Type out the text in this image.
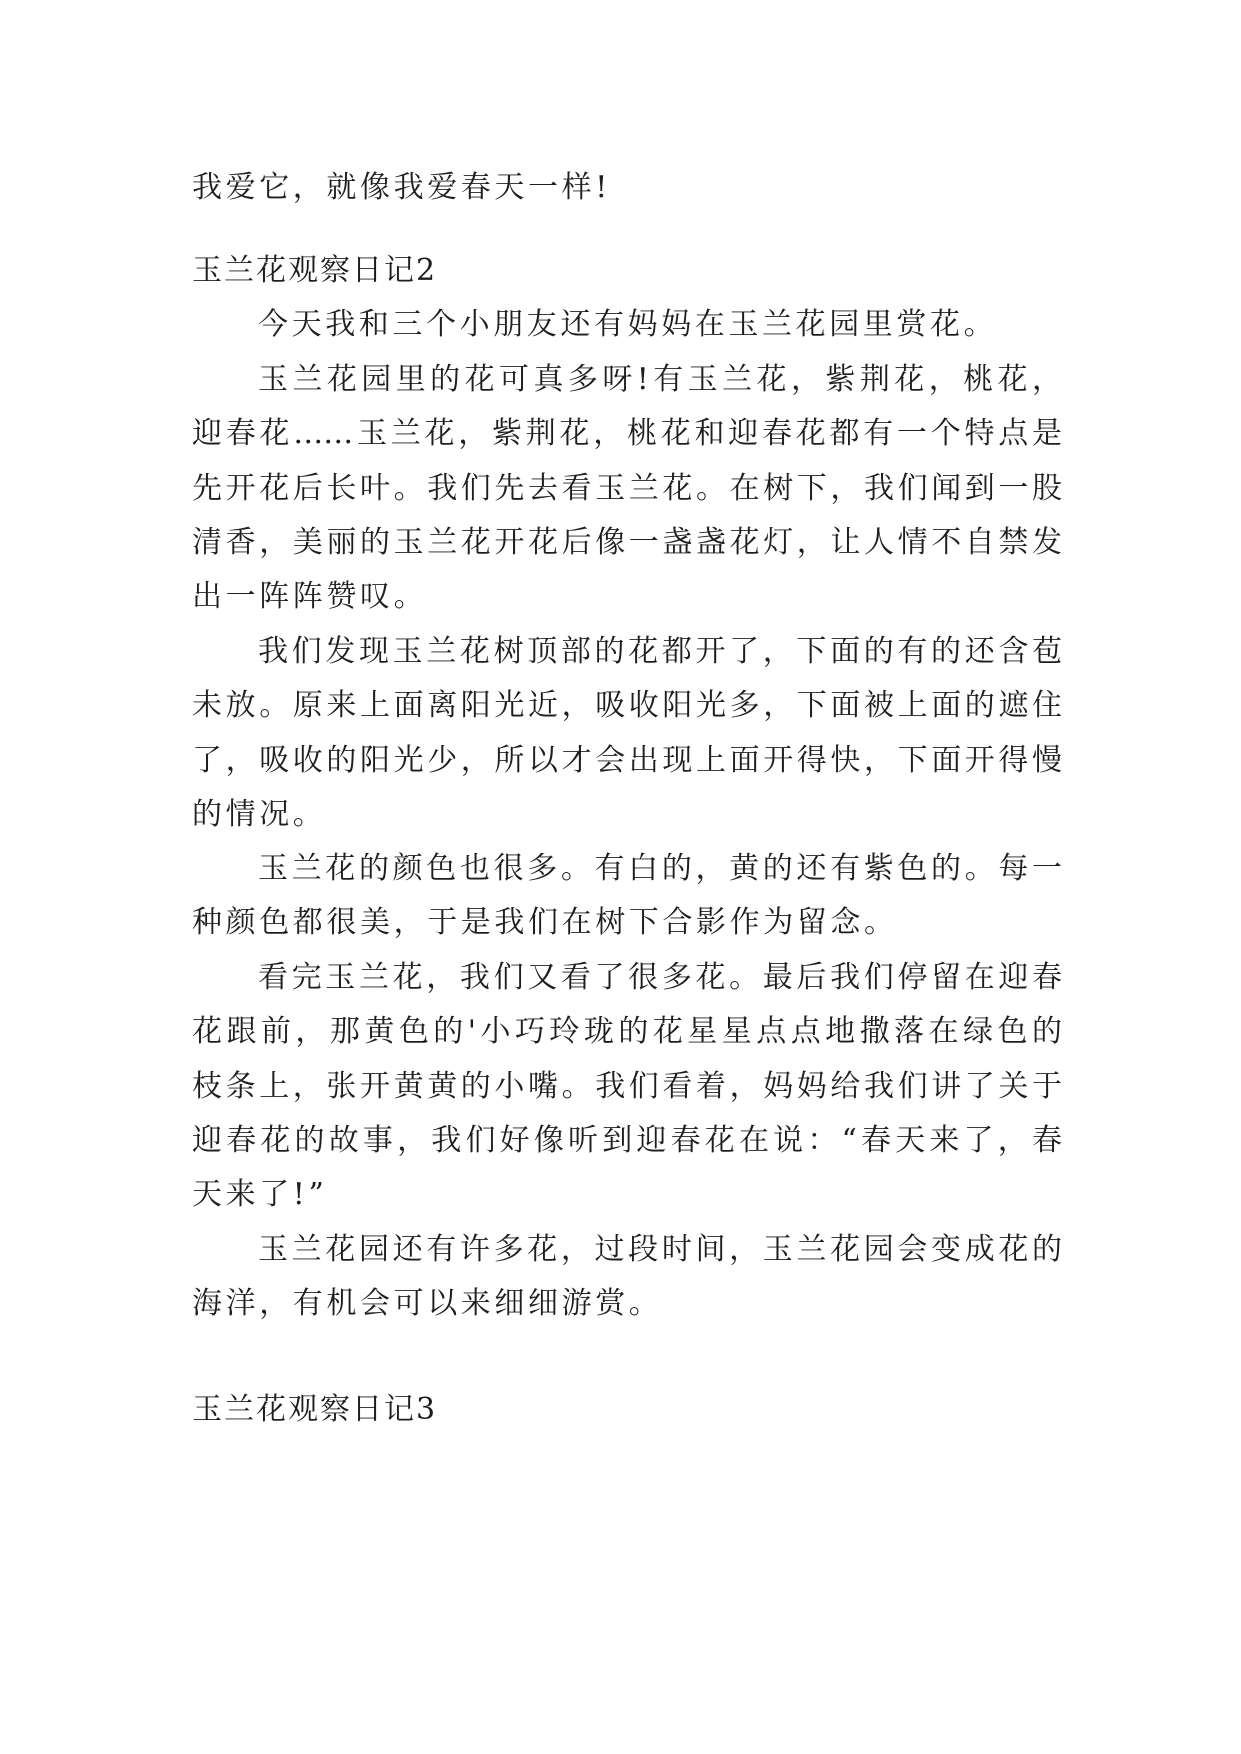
我爱它，就像我爱春天一样!
玉兰花观察日记2
今天我和三个小朋友还有妈妈在玉兰花园里赏花。
玉兰花园里的花可真多呀!有玉兰花，紫荆花，桃花，
迎春花……玉兰花，紫荆花，桃花和迎春花都有一个特点是
先开花后长叶。我们先去看玉兰花。在树下，我们闻到一股
清香，美丽的玉兰花开花后像一盏盏花灯，让人情不自禁发
出一阵阵赞叹。
我们发现玉兰花树顶部的花都开了，下面的有的还含苞
未放。原来上面离阳光近，吸收阳光多，下面被上面的遮住
了，吸收的阳光少，所以才会出现上面开得快，下面开得慢
的情况。
玉兰花的颜色也很多。有白的，黄的还有紫色的。每一
种颜色都很美，于是我们在树下合影作为留念。
看完玉兰花，我们又看了很多花。最后我们停留在迎春
花跟前，那黄色的'小巧玲珑的花星星点点地撒落在绿色的
枝条上，张开黄黄的小嘴。我们看着，妈妈给我们讲了关于
迎春花的故事，我们好像听到迎春花在说：“春天来了，春
天来了!”
玉兰花园还有许多花，过段时间，玉兰花园会变成花的
海洋，有机会可以来细细游赏。
玉兰花观察日记3
